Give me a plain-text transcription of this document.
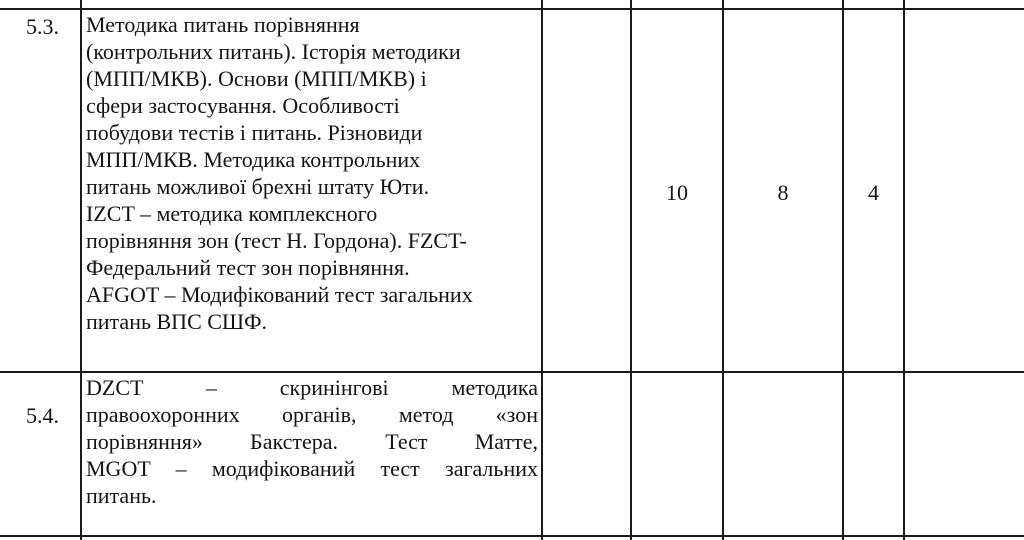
5.3. Методика питань порівняння
(контрольних питань). Історія методики
(МПП/МКВ). Основи (МПП/МКВ) і
сфери застосування. Особливості
побудови тестів і питань. Різновиди
МПП/МКВ. Методика контрольних
питань можливої брехні штату Юти.
IZCT – методика комплексного
порівняння зон (тест Н. Гордона). FZCT-
Федеральний тест зон порівняння.
AFGOT – Модифікований тест загальних
питань ВПС СШФ.
10	8	4
5.4.
DZCT – скринінгові методика
правоохоронних органів, метод «зон
порівняння» Бакстера. Тест Матте,
MGOT – модифікований тест загальних
питань.
